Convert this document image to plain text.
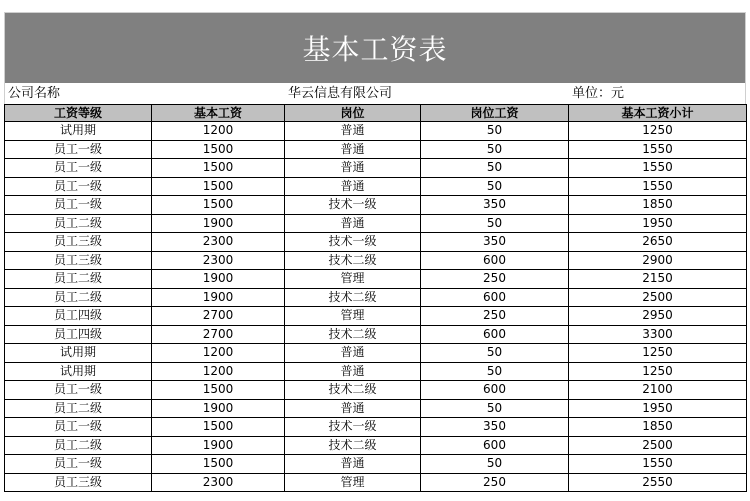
基本工资表
公司名称	华云信息有限公司	单位：元
工资等级	基本工资	岗位	岗位工资	基本工资小计
试用期	1200	普通	50	1250
员工一级	1500	普通	50	1550
员工一级	1500	普通	50	1550
员工一级	1500	普通	50	1550
员工一级	1500	技术一级	350	1850
员工二级	1900	普通	50	1950
员工三级	2300	技术一级	350	2650
员工三级	2300	技术二级	600	2900
员工二级	1900	管理	250	2150
员工二级	1900	技术二级	600	2500
员工四级	2700	管理	250	2950
员工四级	2700	技术二级	600	3300
试用期	1200	普通	50	1250
试用期	1200	普通	50	1250
员工一级	1500	技术二级	600	2100
员工二级	1900	普通	50	1950
员工一级	1500	技术一级	350	1850
员工二级	1900	技术二级	600	2500
员工一级	1500	普通	50	1550
员工三级	2300	管理	250	2550
